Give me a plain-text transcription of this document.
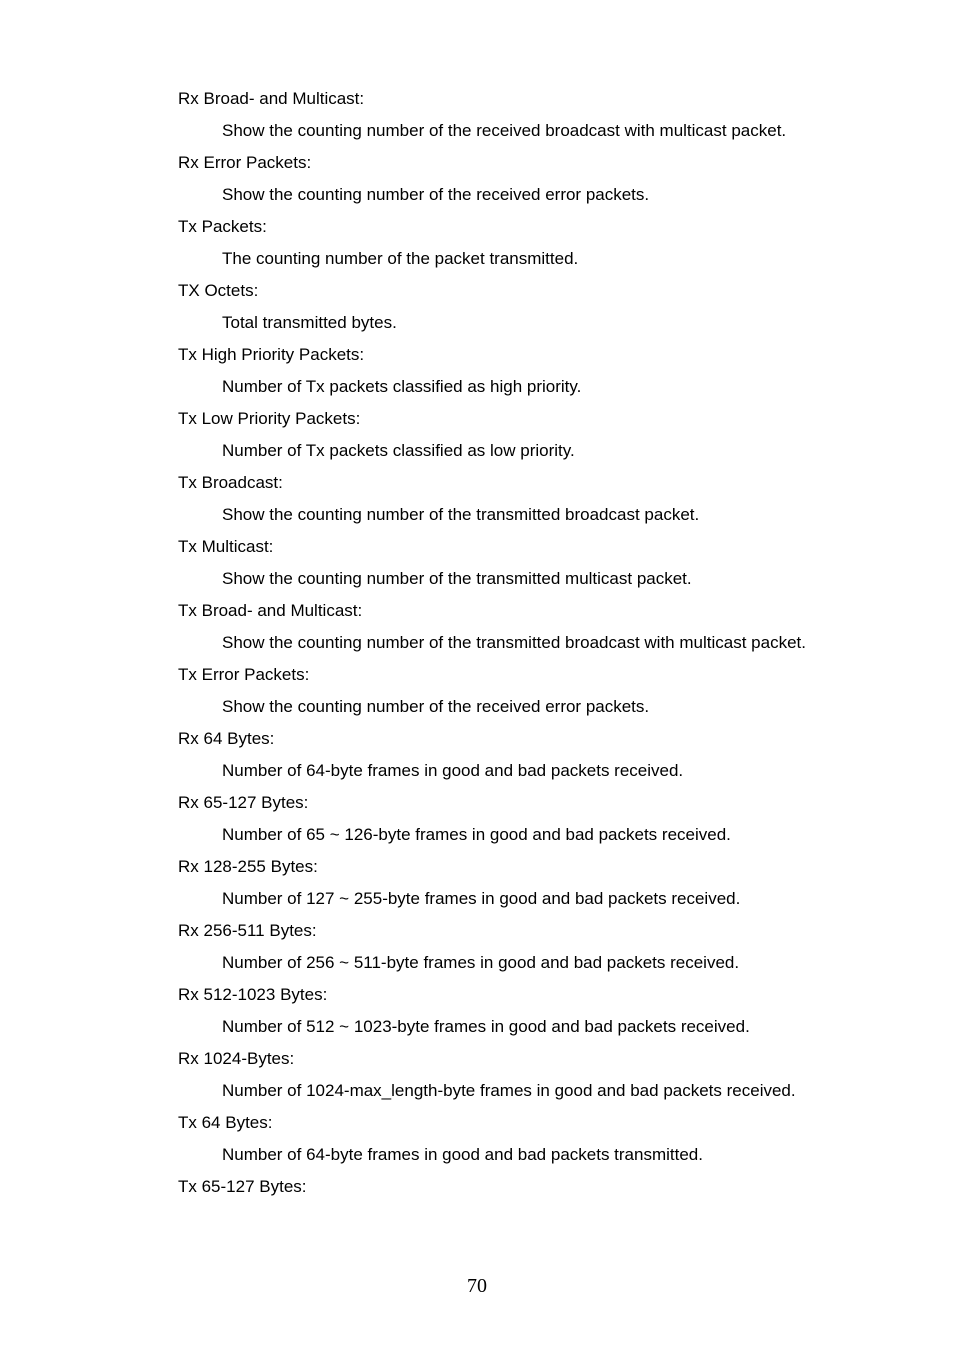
Rx Broad- and Multicast:
Show the counting number of the received broadcast with multicast packet.
Rx Error Packets:
Show the counting number of the received error packets.
Tx Packets:
The counting number of the packet transmitted.
TX Octets:
Total transmitted bytes.
Tx High Priority Packets:
Number of Tx packets classified as high priority.
Tx Low Priority Packets:
Number of Tx packets classified as low priority.
Tx Broadcast:
Show the counting number of the transmitted broadcast packet.
Tx Multicast:
Show the counting number of the transmitted multicast packet.
Tx Broad- and Multicast:
Show the counting number of the transmitted broadcast with multicast packet.
Tx Error Packets:
Show the counting number of the received error packets.
Rx 64 Bytes:
Number of 64-byte frames in good and bad packets received.
Rx 65-127 Bytes:
Number of 65 ~ 126-byte frames in good and bad packets received.
Rx 128-255 Bytes:
Number of 127 ~ 255-byte frames in good and bad packets received.
Rx 256-511 Bytes:
Number of 256 ~ 511-byte frames in good and bad packets received.
Rx 512-1023 Bytes:
Number of 512 ~ 1023-byte frames in good and bad packets received.
Rx 1024-Bytes:
Number of 1024-max_length-byte frames in good and bad packets received.
Tx 64 Bytes:
Number of 64-byte frames in good and bad packets transmitted.
Tx 65-127 Bytes:
70
